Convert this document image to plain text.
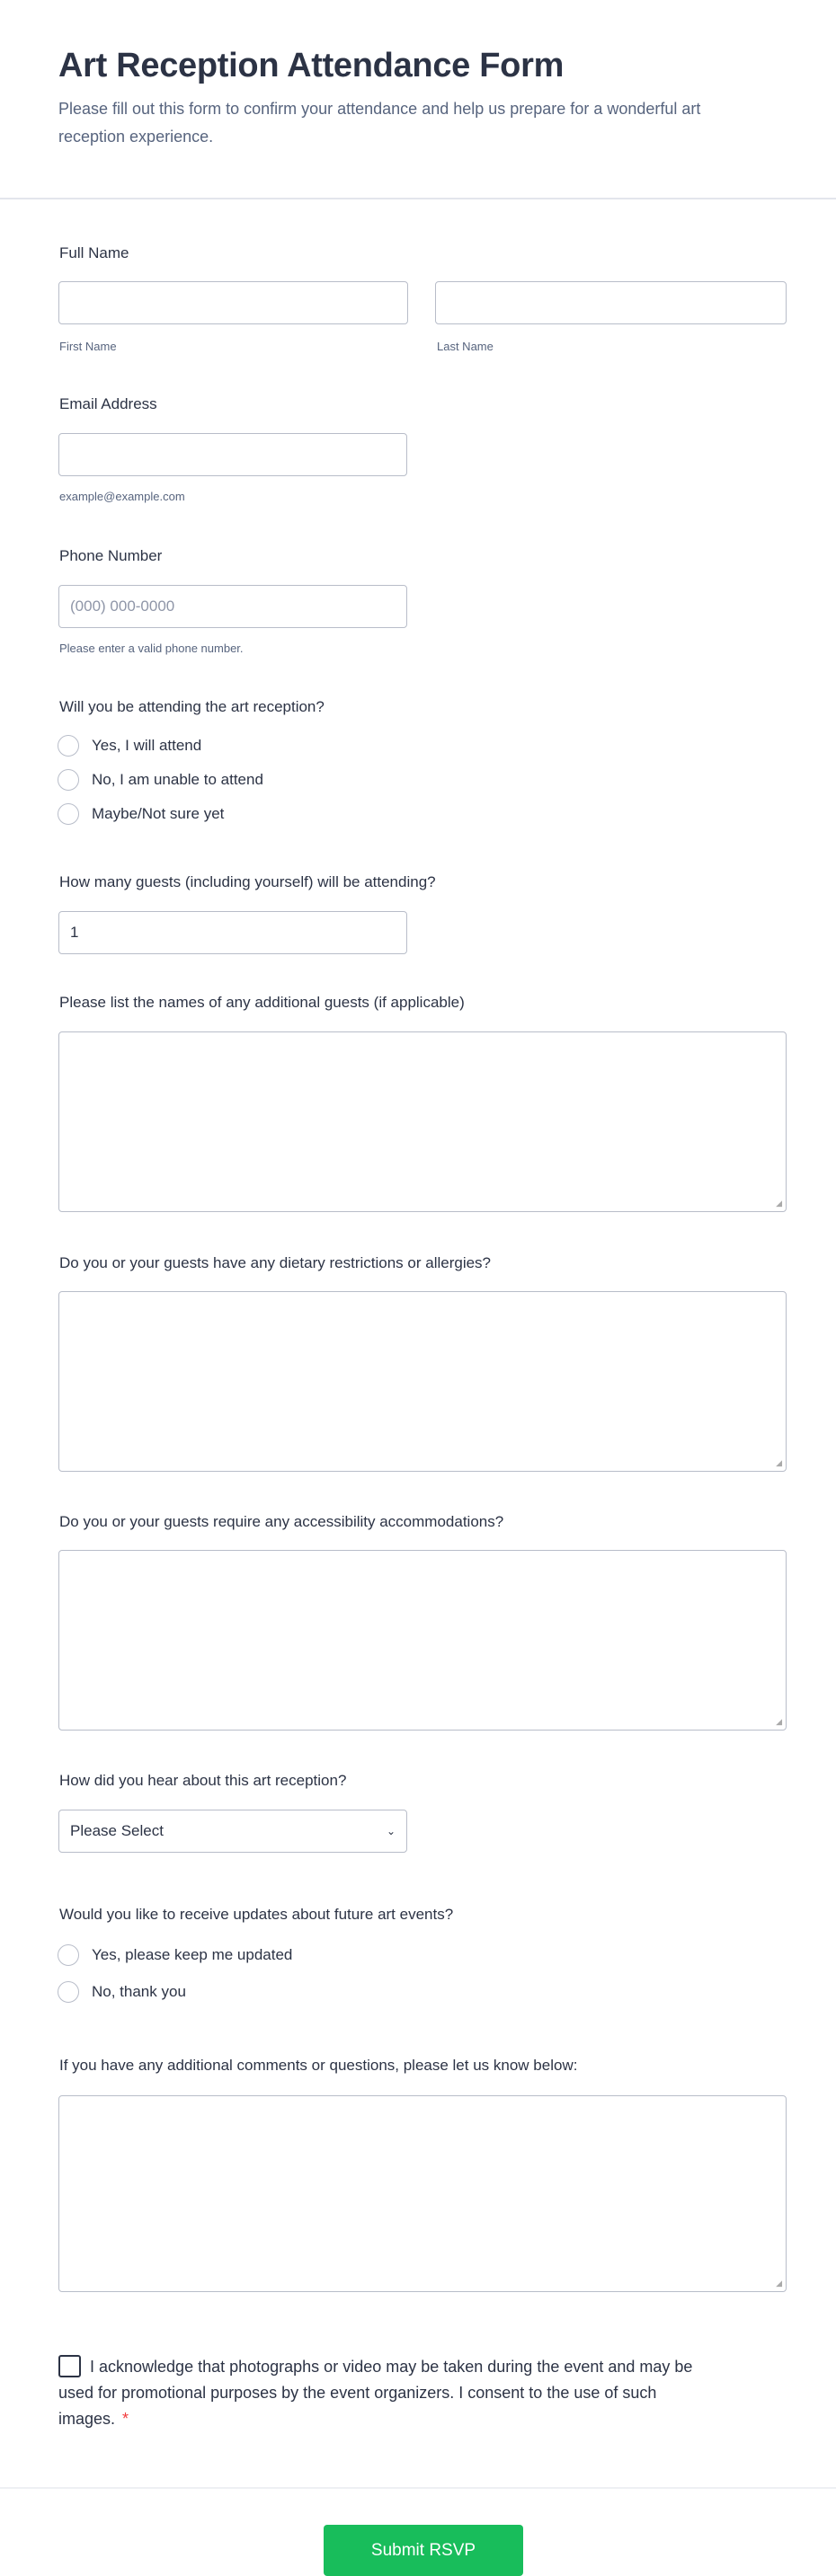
Art Reception Attendance Form
Please fill out this form to confirm your attendance and help us prepare for a wonderful art reception experience.
Full Name
First Name	Last Name
Email Address
example@example.com
Phone Number
(000) 000-0000
Please enter a valid phone number.
Will you be attending the art reception?
Yes, I will attend
No, I am unable to attend
Maybe/Not sure yet
How many guests (including yourself) will be attending?
1
Please list the names of any additional guests (if applicable)
◢
Do you or your guests have any dietary restrictions or allergies?
◢
Do you or your guests require any accessibility accommodations?
◢
How did you hear about this art reception?
Please Select	⌄
Would you like to receive updates about future art events?
Yes, please keep me updated
No, thank you
If you have any additional comments or questions, please let us know below:
◢
I acknowledge that photographs or video may be taken during the event and may be used for promotional purposes by the event organizers. I consent to the use of such images. *
Submit RSVP
